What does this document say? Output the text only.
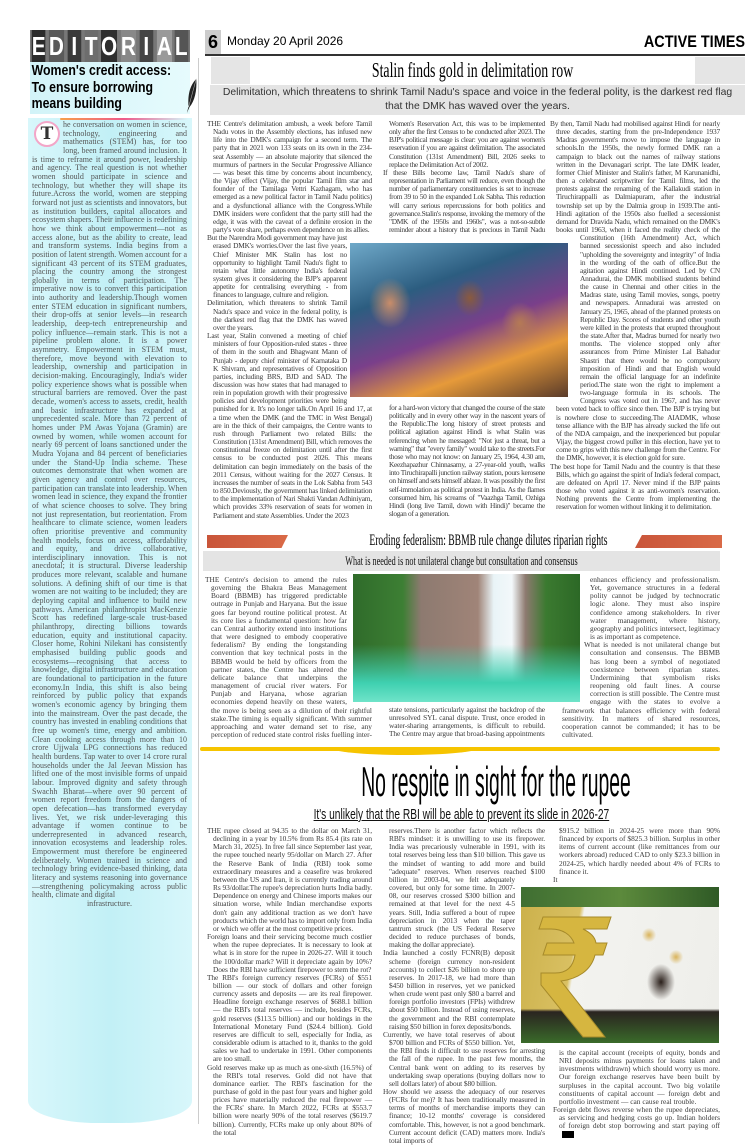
E D I T O R I A L
Women's credit access: To ensure borrowing means building
T	he conversation on women in science, technology, engineering and mathematics (STEM) has, for too long, been framed around inclusion. It is time to reframe it around power, leadership and agency. The real question is not whether women should participate in science and technology, but whether they will shape its future.Across the world, women are stepping forward not just as scientists and innovators, but as institution builders, capital allocators and ecosystem shapers. Their influence is redefining how we think about empowerment—not as access alone, but as the ability to create, lead and transform systems. India begins from a position of latent strength. Women account for a significant 43 percent of its STEM graduates, placing the country among the strongest globally in terms of participation. The imperative now is to convert this participation into authority and leadership.Though women enter STEM education in significant numbers, their drop-offs at senior levels—in research leadership, deep-tech entrepreneurship and policy influence—remain stark. This is not a pipeline problem alone. It is a power asymmetry. Empowerment in STEM must, therefore, move beyond with elevation to leadership, ownership and participation in decision-making. Encouragingly, India's wider policy experience shows what is possible when structural barriers are removed. Over the past decade, women's access to assets, credit, health and basic infrastructure has expanded at unprecedented scale. More than 72 percent of homes under PM Awas Yojana (Gramin) are owned by women, while women account for nearly 69 percent of loans sanctioned under the Mudra Yojana and 84 percent of beneficiaries under the Stand-Up India scheme. These outcomes demonstrate that when women are given agency and control over resources, participation can translate into leadership. When women lead in science, they expand the frontier of what science chooses to solve. They bring not just representation, but reorientation. From healthcare to climate science, women leaders often prioritise preventive and community health models, focus on access, affordability and equity, and drive collaborative, interdisciplinary innovation. This is not anecdotal; it is structural. Diverse leadership produces more relevant, scalable and humane solutions. A defining shift of our time is that women are not waiting to be included; they are deploying capital and influence to build new pathways. American philanthropist MacKenzie Scott has redefined large-scale trust-based philanthropy, directing billions towards education, equity and institutional capacity. Closer home, Rohini Nilekani has consistently emphasised building public goods and ecosystems—recognising that access to knowledge, digital infrastructure and education are foundational to participation in the future economy.In India, this shift is also being reinforced by public policy that expands women's economic agency by bringing them into the mainstream. Over the past decade, the country has invested in enabling conditions that free up women's time, energy and ambition. Clean cooking access through more than 10 crore Ujjwala LPG connections has reduced health burdens. Tap water to over 14 crore rural households under the Jal Jeevan Mission has lifted one of the most invisible forms of unpaid labour. Improved dignity and safety through Swachh Bharat—where over 90 percent of women report freedom from the dangers of open defecation—has transformed everyday lives. Yet, we risk under-leveraging this advantage if women continue to be underrepresented in advanced research, innovation ecosystems and leadership roles. Empowerment must therefore be engineered deliberately. Women trained in science and technology bring evidence-based thinking, data literacy and systems reasoning into governance—strengthening policymaking across public health, climate and digital
infrastructure.
6 Monday 20 April 2026	ACTIVE TIMES
Stalin finds gold in delimitation row
Delimitation, which threatens to shrink Tamil Nadu's space and voice in the federal polity, is the darkest red flag that the DMK has waved over the years.

THE Centre's delimitation ambush, a week before Tamil Nadu votes in the Assembly elections, has infused new life into the DMK's campaign for a second term. The party that in 2021 won 133 seats on its own in the 234-seat Assembly — an absolute majority that silenced the murmurs of partners in the Secular Progressive Alliance — was beset this time by concerns about incumbency, the Vijay effect (Vijay, the popular Tamil film star and founder of the Tamilaga Vettri Kazhagam, who has emerged as a new political factor in Tamil Nadu politics) and a dysfunctional alliance with the Congress.While DMK insiders were confident that the party still had the edge, it was with the caveat of a definite erosion in the party's vote share, perhaps even dependence on its allies.

But the Narendra Modi government may have just erased DMK's worries.Over the last five years, Chief Minister MK Stalin has lost no opportunity to highlight Tamil Nadu's fight to retain what little autonomy India's federal system gives it considering the BJP's apparent appetite for centralising everything - from finances to language, culture and religion.

Delimitation, which threatens to shrink Tamil Nadu's space and voice in the federal polity, is the darkest red flag that the DMK has waved over the years.

Last year, Stalin convened a meeting of chief ministers of four Opposition-ruled states - three of them in the south and Bhagwant Mann of Punjab - deputy chief minister of Karnataka D K Shivram, and representatives of Opposition parties, including BRS, BJD and SAD. The discussion was how states that had managed to rein in population growth with their progressive policies and development priorities were being punished for it. It's no longer talk.On April 16 and 17, at a time when the DMK (and the TMC in West Bengal) are in the thick of their campaigns, the Centre wants to rush through Parliament two related Bills: the Constitution (131st Amendment) Bill, which removes the constitutional freeze on delimitation until after the first census to be conducted post 2026. This means delimitation can begin immediately on the basis of the 2011 Census, without waiting for the 2027 Census. It increases the number of seats in the Lok Sabha from 543 to 850.Deviously, the government has linked delimitation to the implementation of Nari Shakti Vandan Adhiniyam, which provides 33% reservation of seats for women in Parliament and state Assemblies. Under the 2023

Women's Reservation Act, this was to be implemented only after the first Census to be conducted after 2023. The BJP's political message is clear: you are against women's reservation if you are against delimitation. The associated Constitution (131st Amendment) Bill, 2026 seeks to replace the Delimitation Act of 2002.

If these Bills become law, Tamil Nadu's share of representation in Parliament will reduce, even though the number of parliamentary constituencies is set to increase from 39 to 50 in the expanded Lok Sabha. This reduction will carry serious repercussions for both politics and governance.Stalin's response, invoking the memory of the "DMK of the 1950s and 1960s", was a not-so-subtle reminder about a history that is precious in Tamil Nadu for a hard-won victory that changed the course of the state politically and in every other way in the nascent years of the Republic.The long history of street protests and political agitation against Hindi is what Stalin was referencing when he messaged: "Not just a threat, but a warning" that "every family" would take to the streets.For those who may not know: on January 25, 1964, 4.30 am, Keezhapazhur Chinnasamy, a 27-year-old youth, walks into Tiruchirapalli junction railway station, pours kerosene on himself and sets himself ablaze. It was possibly the first self-immolation as political protest in India. As the flames consumed him, his screams of "Vaazhga Tamil, Ozhiga Hindi (long live Tamil, down with Hindi)" became the slogan of a generation.

By then, Tamil Nadu had mobilised against Hindi for nearly three decades, starting from the pre-Independence 1937 Madras government's move to impose the language in schools.In the 1950s, the newly formed DMK ran a campaign to black out the names of railway stations written in the Devanagari script. The late DMK leader, former Chief Minister and Stalin's father, M Karunanidhi, then a celebrated scriptwriter for Tamil films, led the protests against the renaming of the Kallakudi station in Tiruchirappalli as Dalmiapuram, after the industrial township set up by the Dalmia group in 1939.The anti-Hindi agitation of the 1950s also fuelled a secessionist demand for Dravida Nadu, which remained on the DMK's books until 1963, when it faced the reality check of the Constitution (16th Amendment) Act, which banned secessionist speech and also included "upholding the sovereignty and integrity" of India in the wording of the oath of office.But the agitation against Hindi continued. Led by CN Annadurai, the DMK mobilised students behind the cause in Chennai and other cities in the Madras state, using Tamil movies, songs, poetry and newspapers. Annadurai was arrested on January 25, 1965, ahead of the planned protests on Republic Day. Scores of students and other youth were killed in the protests that erupted throughout the state.After that, Madras burned for nearly two months. The violence stopped only after assurances from Prime Minister Lal Bahadur Shastri that there would be no compulsory imposition of Hindi and that English would remain the official language for an indefinite period.The state won the right to implement a two-language formula in its schools. The Congress was voted out in 1967, and has never been voted back to office since then. The BJP is trying but is nowhere close to succeeding.The AIADMK, whose tense alliance with the BJP has already sucked the life out of the NDA campaign, and the inexperienced but popular Vijay, the biggest crowd puller in this election, have yet to come to grips with this new challenge from the Centre. For the DMK, however, it is election gold for sure.

The best hope for Tamil Nadu and the country is that these Bills, which go against the spirit of India's federal compact, are defeated on April 17. Never mind if the BJP paints those who voted against it as anti-women's reservation. Nothing prevents the Centre from implementing the reservation for women without linking it to delimitation.

Eroding federalism: BBMB rule change dilutes riparian rights
What is needed is not unilateral change but consultation and consensus

THE Centre's decision to amend the rules governing the Bhakra Beas Management Board (BBMB) has triggered predictable outrage in Punjab and Haryana. But the issue goes far beyond routine political protest. At its core lies a fundamental question: how far can Central authority extend into institutions that were designed to embody cooperative federalism? By ending the longstanding convention that key technical posts in the BBMB would be held by officers from the partner states, the Centre has altered the delicate balance that underpins the management of crucial river waters. For Punjab and Haryana, whose agrarian economies depend heavily on these waters, the move is being seen as a dilution of their rightful stake.The timing is equally significant. With summer approaching and water demand set to rise, any perception of reduced state control risks fuelling inter-

state tensions, particularly against the backdrop of the unresolved SYL canal dispute. Trust, once eroded in water-sharing arrangements, is difficult to rebuild. The Centre may argue that broad-basing appointments

enhances efficiency and professionalism. Yet, governance structures in a federal polity cannot be judged by technocratic logic alone. They must also inspire confidence among stakeholders. In river water management, where history, geography and politics intersect, legitimacy is as important as competence.

What is needed is not unilateral change but consultation and consensus. The BBMB has long been a symbol of negotiated coexistence between riparian states. Undermining that symbolism risks reopening old fault lines. A course correction is still possible. The Centre must engage with the states to evolve a framework that balances efficiency with federal sensitivity. In matters of shared resources, cooperation cannot be commanded; it has to be cultivated.

No respite in sight for the rupee
It's unlikely that the RBI will be able to prevent its slide in 2026-27

THE rupee closed at 94.35 to the dollar on March 31, declining in a year by 10.5% from Rs 85.4 (its rate on March 31, 2025). In free fall since September last year, the rupee touched nearly 95/dollar on March 27. After the Reserve Bank of India (RBI) took some extraordinary measures and a ceasefire was brokered between the US and Iran, it is currently trading around Rs 93/dollar.The rupee's depreciation hurts India badly. Dependence on energy and Chinese imports makes our situation worse, while Indian merchandise exports don't gain any additional traction as we don't have products which the world has to import only from India or which we offer at the most competitive prices.

Foreign loans and their servicing become much costlier when the rupee depreciates. It is necessary to look at what is in store for the rupee in 2026-27. Will it touch the 100/dollar mark? Will it depreciate again by 10%? Does the RBI have sufficient firepower to stem the rot?

The RBI's foreign currency reserves (FCRs) of $551 billion — our stock of dollars and other foreign currency assets and deposits — are its real firepower. Headline foreign exchange reserves of $688.1 billion — the RBI's total reserves — include, besides FCRs, gold reserves ($113.5 billion) and our holdings in the International Monetary Fund ($24.4 billion). Gold reserves are difficult to sell, especially for India, as considerable odium is attached to it, thanks to the gold sales we had to undertake in 1991. Other components are too small.

Gold reserves make up as much as one-sixth (16.5%) of the RBI's total reserves. Gold did not have that dominance earlier. The RBI's fascination for the purchase of gold in the past four years and higher gold prices have materially reduced the real firepower — the FCRs' share. In March 2022, FCRs at $553.7 billion were nearly 90% of the total reserves ($619.7 billion). Currently, FCRs make up only about 80% of the total

reserves.There is another factor which reflects the RBI's mindset: it is unwilling to use its firepower. India was precariously vulnerable in 1991, with its total reserves being less than $10 billion. This gave us the mindset of wanting to add more and build "adequate" reserves. When reserves reached $100 billion in 2003-04, we felt adequately covered, but only for some time. In 2007-08, our reserves crossed $300 billion and remained at that level for the next 4-5 years. Still, India suffered a bout of rupee depreciation in 2013 when the taper tantrum struck (the US Federal Reserve decided to reduce purchases of bonds, making the dollar appreciate).

India launched a costly FCNR(B) deposit scheme (foreign currency non-resident accounts) to collect $26 billion to shore up reserves. In 2017-18, we had more than $450 billion in reserves, yet we panicked when crude went past only $80 a barrel and foreign portfolio investors (FPIs) withdrew about $50 billion. Instead of using reserves, the government and the RBI contemplate raising $50 billion in forex deposits/bonds.

Currently, we have total reserves of about $700 billion and FCRs of $550 billion. Yet, the RBI finds it difficult to use reserves for arresting the fall of the rupee. In the past few months, the Central bank went on adding to its reserves by undertaking swap operations (buying dollars now to sell dollars later) of about $80 billion.

How should we assess the adequacy of our reserves (FCRs for me)? It has been traditionally measured in terms of months of merchandise imports they can finance; 10-12 months' coverage is considered comfortable. This, however, is not a good benchmark. Current account deficit (CAD) matters more. India's total imports of

$915.2 billion in 2024-25 were more than 90% financed by exports of $825.3 billion. Surplus in other items of current account (like remittances from our workers abroad) reduced CAD to only $23.3 billion in 2024-25, which hardly needed about 4% of FCRs to finance it.

It is the capital account (receipts of equity, bonds and NRI deposits minus payments for loans taken and investments withdrawn) which should worry us more. Our foreign exchange reserves have been built by surpluses in the capital account. Two big volatile constituents of capital account — foreign debt and portfolio investment — can cause real trouble.

Foreign debt flows reverse when the rupee depreciates, as servicing and hedging costs go up. Indian holders of foreign debt stop borrowing and start paying off
